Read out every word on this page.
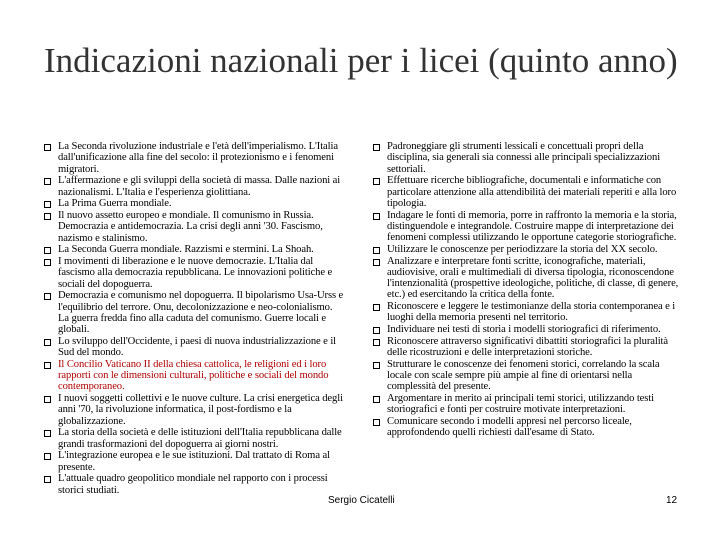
Indicazioni nazionali per i licei (quinto anno)
La Seconda rivoluzione industriale e l'età dell'imperialismo. L'Italia dall'unificazione alla fine del secolo: il protezionismo e i fenomeni migratori.
L'affermazione e gli sviluppi della società di massa. Dalle nazioni ai nazionalismi. L'Italia e l'esperienza giolittiana.
La Prima Guerra mondiale.
Il nuovo assetto europeo e mondiale. Il comunismo in Russia. Democrazia e antidemocrazia. La crisi degli anni '30. Fascismo, nazismo e stalinismo.
La Seconda Guerra mondiale. Razzismi e stermini. La Shoah.
I movimenti di liberazione e le nuove democrazie. L'Italia dal fascismo alla democrazia repubblicana. Le innovazioni politiche e sociali del dopoguerra.
Democrazia e comunismo nel dopoguerra. Il bipolarismo Usa-Urss e l'equilibrio del terrore. Onu, decolonizzazione e neo-colonialismo. La guerra fredda fino alla caduta del comunismo. Guerre locali e globali.
Lo sviluppo dell'Occidente, i paesi di nuova industrializzazione e il Sud del mondo.
Il Concilio Vaticano II della chiesa cattolica, le religioni ed i loro rapporti con le dimensioni culturali, politiche e sociali del mondo contemporaneo.
I nuovi soggetti collettivi e le nuove culture. La crisi energetica degli anni '70, la rivoluzione informatica, il post-fordismo e la globalizzazione.
La storia della società e delle istituzioni dell'Italia repubblicana dalle grandi trasformazioni del dopoguerra ai giorni nostri.
L'integrazione europea e le sue istituzioni. Dal trattato di Roma al presente.
L'attuale quadro geopolitico mondiale nel rapporto con i processi storici studiati.
Padroneggiare gli strumenti lessicali e concettuali propri della disciplina, sia generali sia connessi alle principali specializzazioni settoriali.
Effettuare ricerche bibliografiche, documentali e informatiche con particolare attenzione alla attendibilità dei materiali reperiti e alla loro tipologia.
Indagare le fonti di memoria, porre in raffronto la memoria e la storia, distinguendole e integrandole. Costruire mappe di interpretazione dei fenomeni complessi utilizzando le opportune categorie storiografiche.
Utilizzare le conoscenze per periodizzare la storia del XX secolo.
Analizzare e interpretare fonti scritte, iconografiche, materiali, audiovisive, orali e multimediali di diversa tipologia, riconoscendone l'intenzionalità (prospettive ideologiche, politiche, di classe, di genere, etc.) ed esercitando la critica della fonte.
Riconoscere e leggere le testimonianze della storia contemporanea e i luoghi della memoria presenti nel territorio.
Individuare nei testi di storia i modelli storiografici di riferimento.
Riconoscere attraverso significativi dibattiti storiografici la pluralità delle ricostruzioni e delle interpretazioni storiche.
Strutturare le conoscenze dei fenomeni storici, correlando la scala locale con scale sempre più ampie al fine di orientarsi nella complessità del presente.
Argomentare in merito ai principali temi storici, utilizzando testi storiografici e fonti per costruire motivate interpretazioni.
Comunicare secondo i modelli appresi nel percorso liceale, approfondendo quelli richiesti dall'esame di Stato.
Sergio Cicatelli	12
